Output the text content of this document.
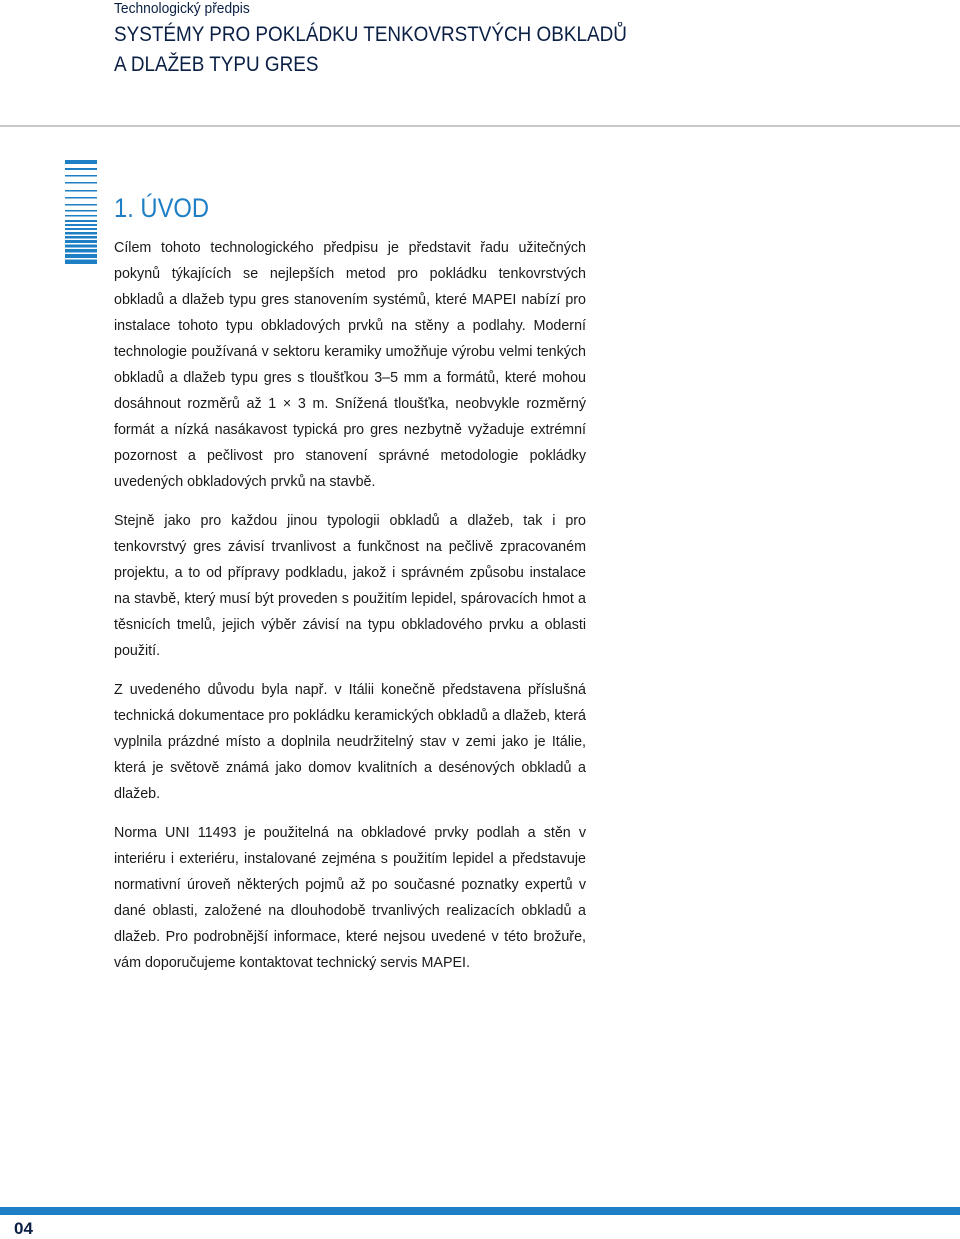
Technologický předpis
SYSTÉMY PRO POKLÁDKU TENKOVRSTVÝCH OBKLADŮ
A DLAŽEB TYPU GRES
1. ÚVOD

Cílem tohoto technologického předpisu je představit řadu užitečných pokynů týkajících se nejlepších metod pro pokládku tenkovrstvých obkladů a dlažeb typu gres stanovením systémů, které MAPEI nabízí pro instalace tohoto typu obkladových prvků na stěny a podlahy. Moderní technologie používaná v sektoru keramiky umožňuje výrobu velmi tenkých obkladů a dlažeb typu gres s tloušťkou 3–5 mm a formátů, které mohou dosáhnout rozměrů až 1 × 3 m. Snížená tloušťka, neobvykle rozměrný formát a nízká nasákavost typická pro gres nezbytně vyžaduje extrémní pozornost a pečlivost pro stanovení správné metodologie pokládky uvedených obkladových prvků na stavbě.

Stejně jako pro každou jinou typologii obkladů a dlažeb, tak i pro tenkovrstvý gres závisí trvanlivost a funkčnost na pečlivě zpracovaném projektu, a to od přípravy podkladu, jakož i správném způsobu instalace na stavbě, který musí být proveden s použitím lepidel, spárovacích hmot a těsnicích tmelů, jejich výběr závisí na typu obkladového prvku a oblasti použití.

Z uvedeného důvodu byla např. v Itálii konečně představena příslušná technická dokumentace pro pokládku keramických obkladů a dlažeb, která vyplnila prázdné místo a doplnila neudržitelný stav v zemi jako je Itálie, která je světově známá jako domov kvalitních a desénových obkladů a dlažeb.

Norma UNI 11493 je použitelná na obkladové prvky podlah a stěn v interiéru i exteriéru, instalované zejména s použitím lepidel a představuje normativní úroveň některých pojmů až po současné poznatky expertů v dané oblasti, založené na dlouhodobě trvanlivých realizacích obkladů a dlažeb. Pro podrobnější informace, které nejsou uvedené v této brožuře, vám doporučujeme kontaktovat technický servis MAPEI.

04
